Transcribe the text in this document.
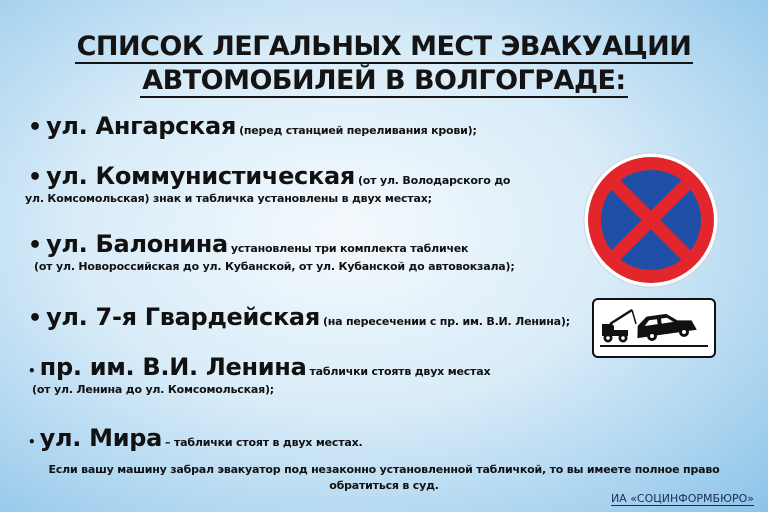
СПИСОК ЛЕГАЛЬНЫХ МЕСТ ЭВАКУАЦИИ
АВТОМОБИЛЕЙ В ВОЛГОГРАДЕ:
• ул. Ангарская (перед станцией переливания крови);
• ул. Коммунистическая (от ул. Володарского до
ул. Комсомольская) знак и табличка установлены в двух местах;
• ул. Балонина установлены три комплекта табличек
(от ул. Новороссийская до ул. Кубанской, от ул. Кубанской до автовокзала);
• ул. 7-я Гвардейская (на пересечении с пр. им. В.И. Ленина);
• пр. им. В.И. Ленина таблички стоятв двух местах
(от ул. Ленина до ул. Комсомольская);
• ул. Мира – таблички стоят в двух местах.
Если вашу машину забрал эвакуатор под незаконно установленной табличкой, то вы имеете полное право
обратиться в суд.
ИА «СОЦИНФОРМБЮРО»
